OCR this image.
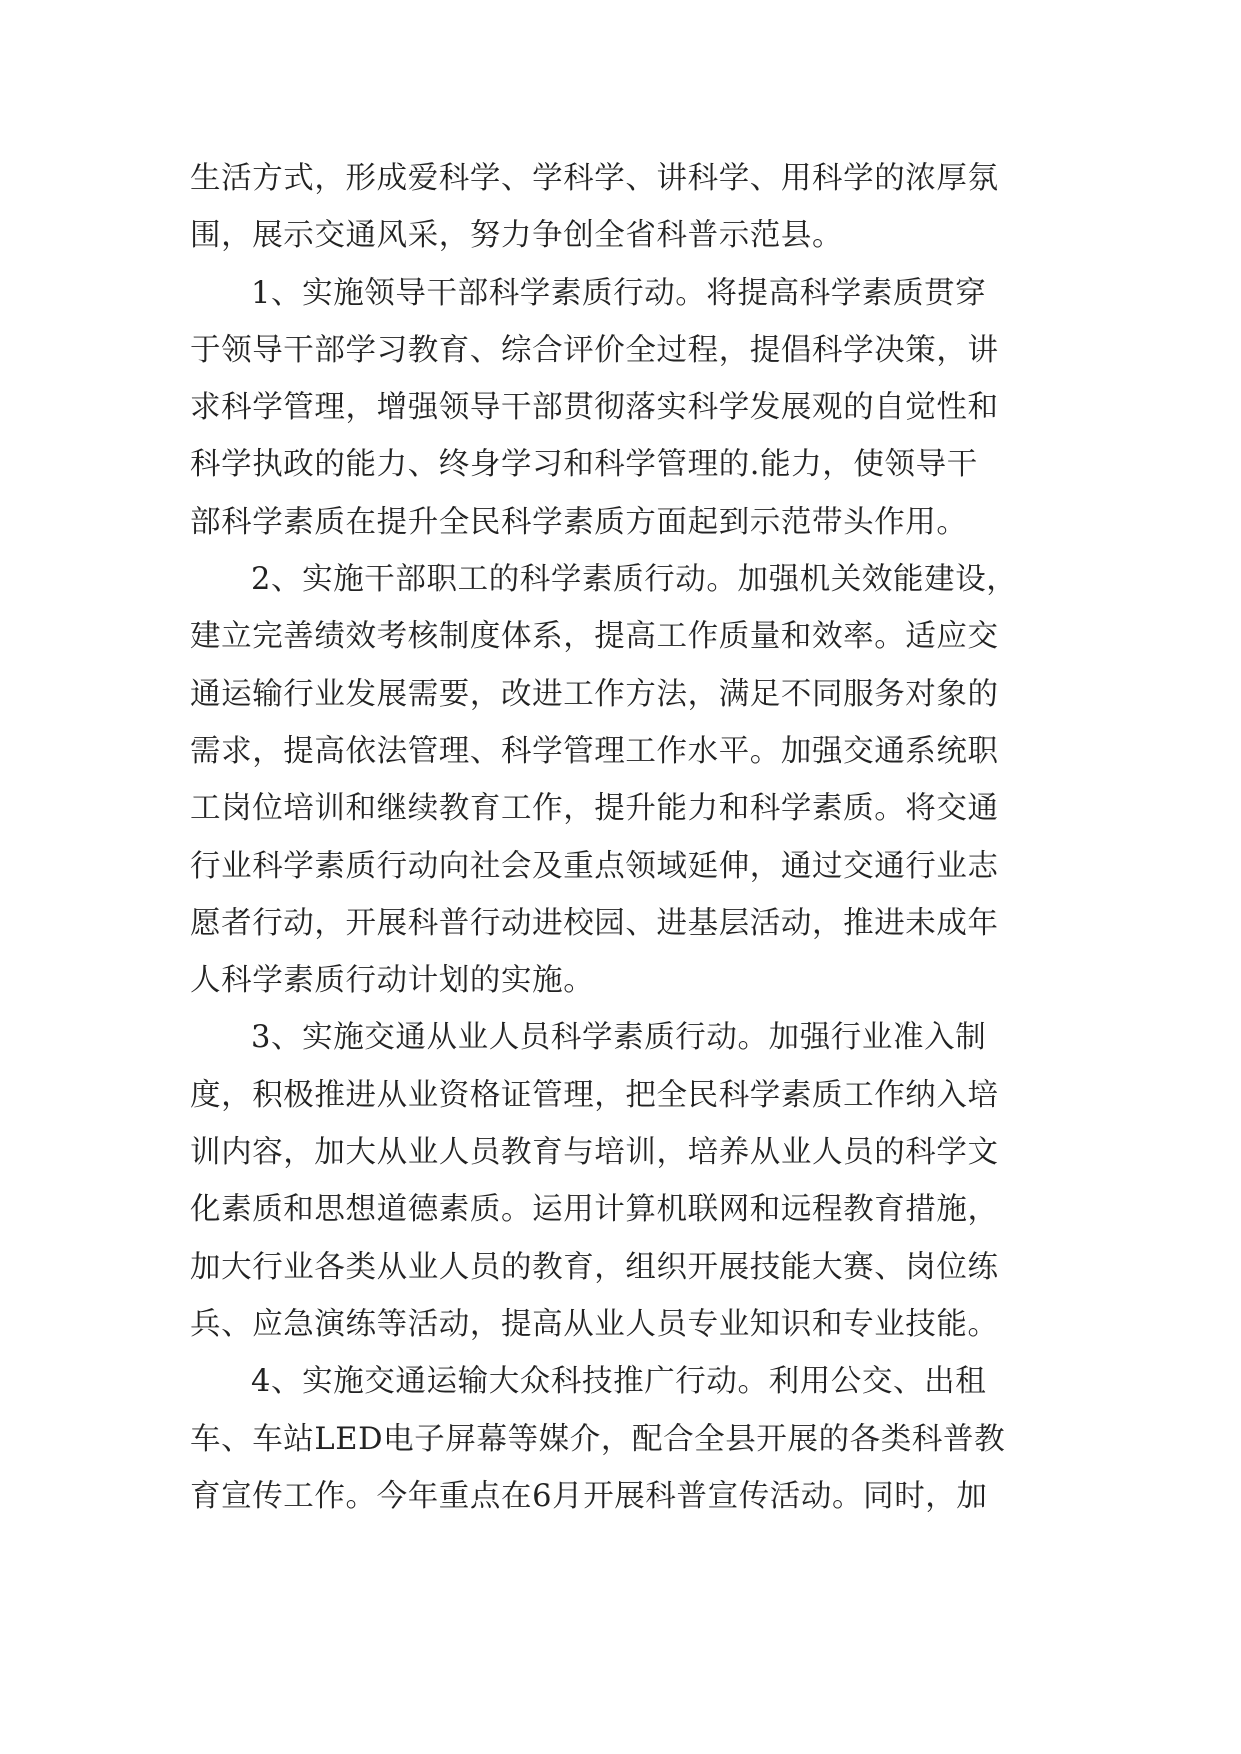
生活方式，形成爱科学、学科学、讲科学、用科学的浓厚氛
围，展示交通风采，努力争创全省科普示范县。
1、实施领导干部科学素质行动。将提高科学素质贯穿
于领导干部学习教育、综合评价全过程，提倡科学决策，讲
求科学管理，增强领导干部贯彻落实科学发展观的自觉性和
科学执政的能力、终身学习和科学管理的.能力，使领导干
部科学素质在提升全民科学素质方面起到示范带头作用。
2、实施干部职工的科学素质行动。加强机关效能建设，
建立完善绩效考核制度体系，提高工作质量和效率。适应交
通运输行业发展需要，改进工作方法，满足不同服务对象的
需求，提高依法管理、科学管理工作水平。加强交通系统职
工岗位培训和继续教育工作，提升能力和科学素质。将交通
行业科学素质行动向社会及重点领域延伸，通过交通行业志
愿者行动，开展科普行动进校园、进基层活动，推进未成年
人科学素质行动计划的实施。
3、实施交通从业人员科学素质行动。加强行业准入制
度，积极推进从业资格证管理，把全民科学素质工作纳入培
训内容，加大从业人员教育与培训，培养从业人员的科学文
化素质和思想道德素质。运用计算机联网和远程教育措施，
加大行业各类从业人员的教育，组织开展技能大赛、岗位练
兵、应急演练等活动，提高从业人员专业知识和专业技能。
4、实施交通运输大众科技推广行动。利用公交、出租
车、车站LED电子屏幕等媒介，配合全县开展的各类科普教
育宣传工作。今年重点在6月开展科普宣传活动。同时，加
